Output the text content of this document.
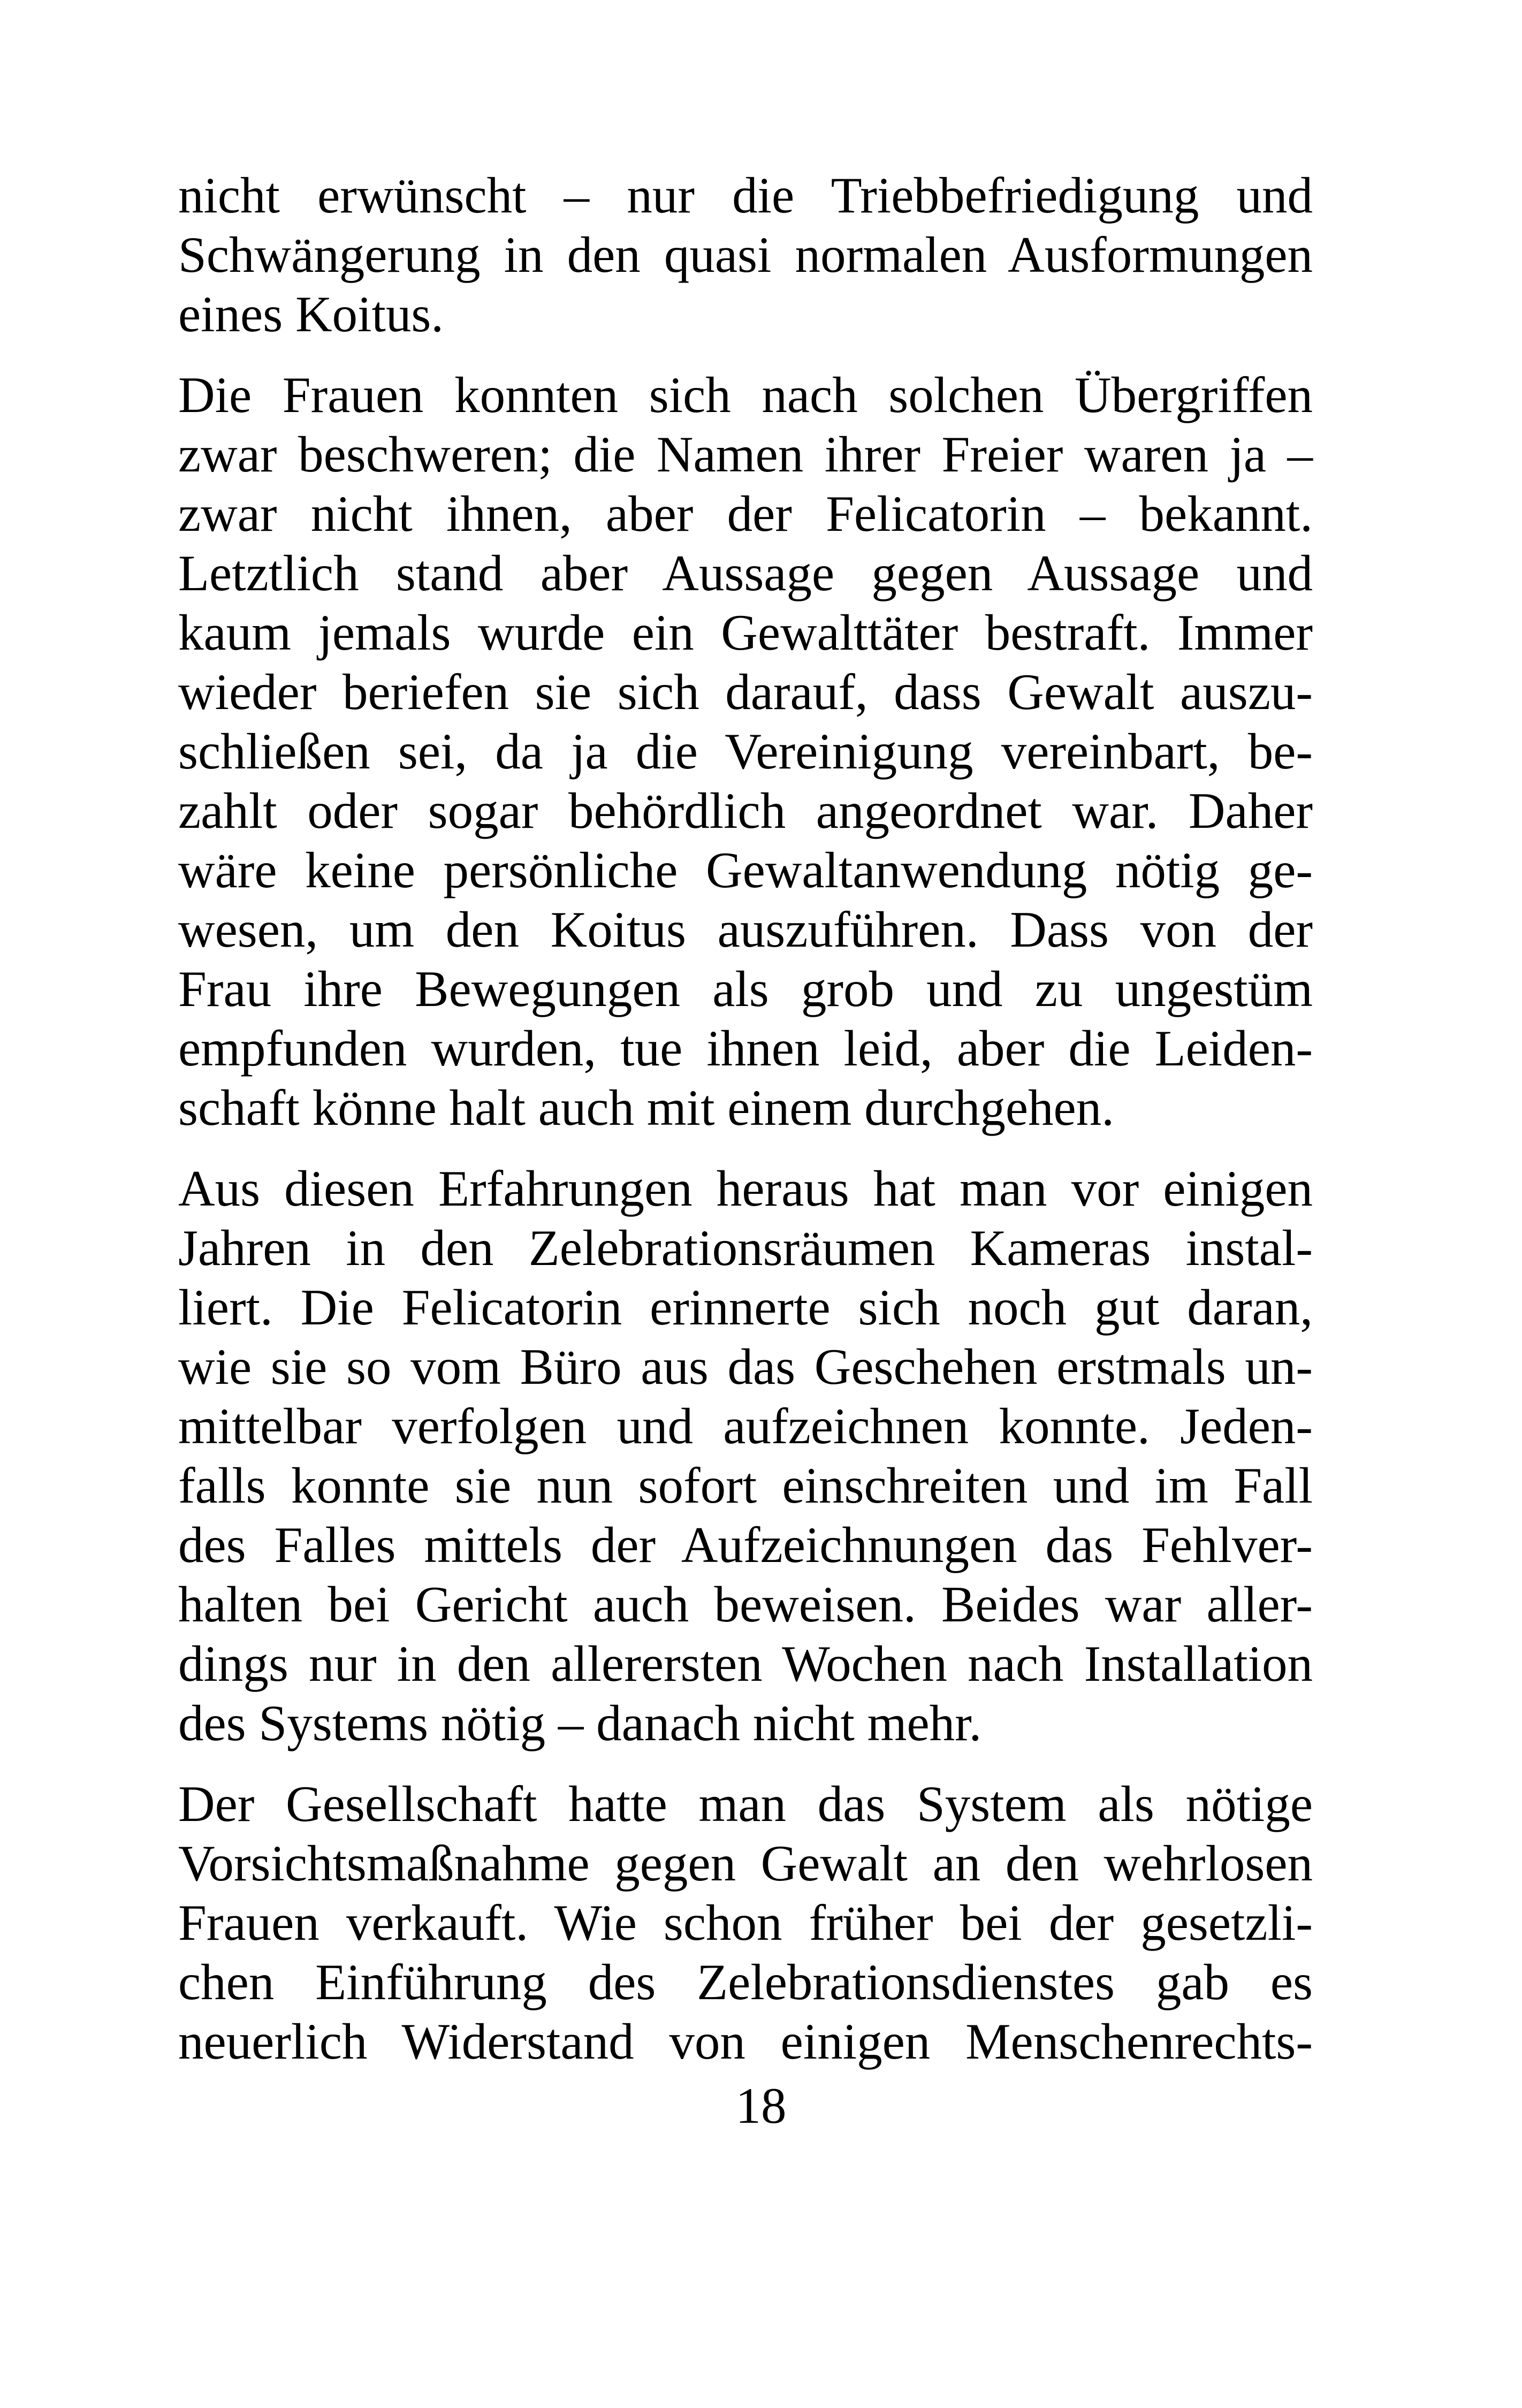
nicht erwünscht – nur die Triebbefriedigung und
Schwängerung in den quasi normalen Ausformungen
eines Koitus.
Die Frauen konnten sich nach solchen Übergriffen
zwar beschweren; die Namen ihrer Freier waren ja –
zwar nicht ihnen, aber der Felicatorin – bekannt.
Letztlich stand aber Aussage gegen Aussage und
kaum jemals wurde ein Gewalttäter bestraft. Immer
wieder beriefen sie sich darauf, dass Gewalt auszu-
schließen sei, da ja die Vereinigung vereinbart, be-
zahlt oder sogar behördlich angeordnet war. Daher
wäre keine persönliche Gewaltanwendung nötig ge-
wesen, um den Koitus auszuführen. Dass von der
Frau ihre Bewegungen als grob und zu ungestüm
empfunden wurden, tue ihnen leid, aber die Leiden-
schaft könne halt auch mit einem durchgehen.
Aus diesen Erfahrungen heraus hat man vor einigen
Jahren in den Zelebrationsräumen Kameras instal-
liert. Die Felicatorin erinnerte sich noch gut daran,
wie sie so vom Büro aus das Geschehen erstmals un-
mittelbar verfolgen und aufzeichnen konnte. Jeden-
falls konnte sie nun sofort einschreiten und im Fall
des Falles mittels der Aufzeichnungen das Fehlver-
halten bei Gericht auch beweisen. Beides war aller-
dings nur in den allerersten Wochen nach Installation
des Systems nötig – danach nicht mehr.
Der Gesellschaft hatte man das System als nötige
Vorsichtsmaßnahme gegen Gewalt an den wehrlosen
Frauen verkauft. Wie schon früher bei der gesetzli-
chen Einführung des Zelebrationsdienstes gab es
neuerlich Widerstand von einigen Menschenrechts-
18
